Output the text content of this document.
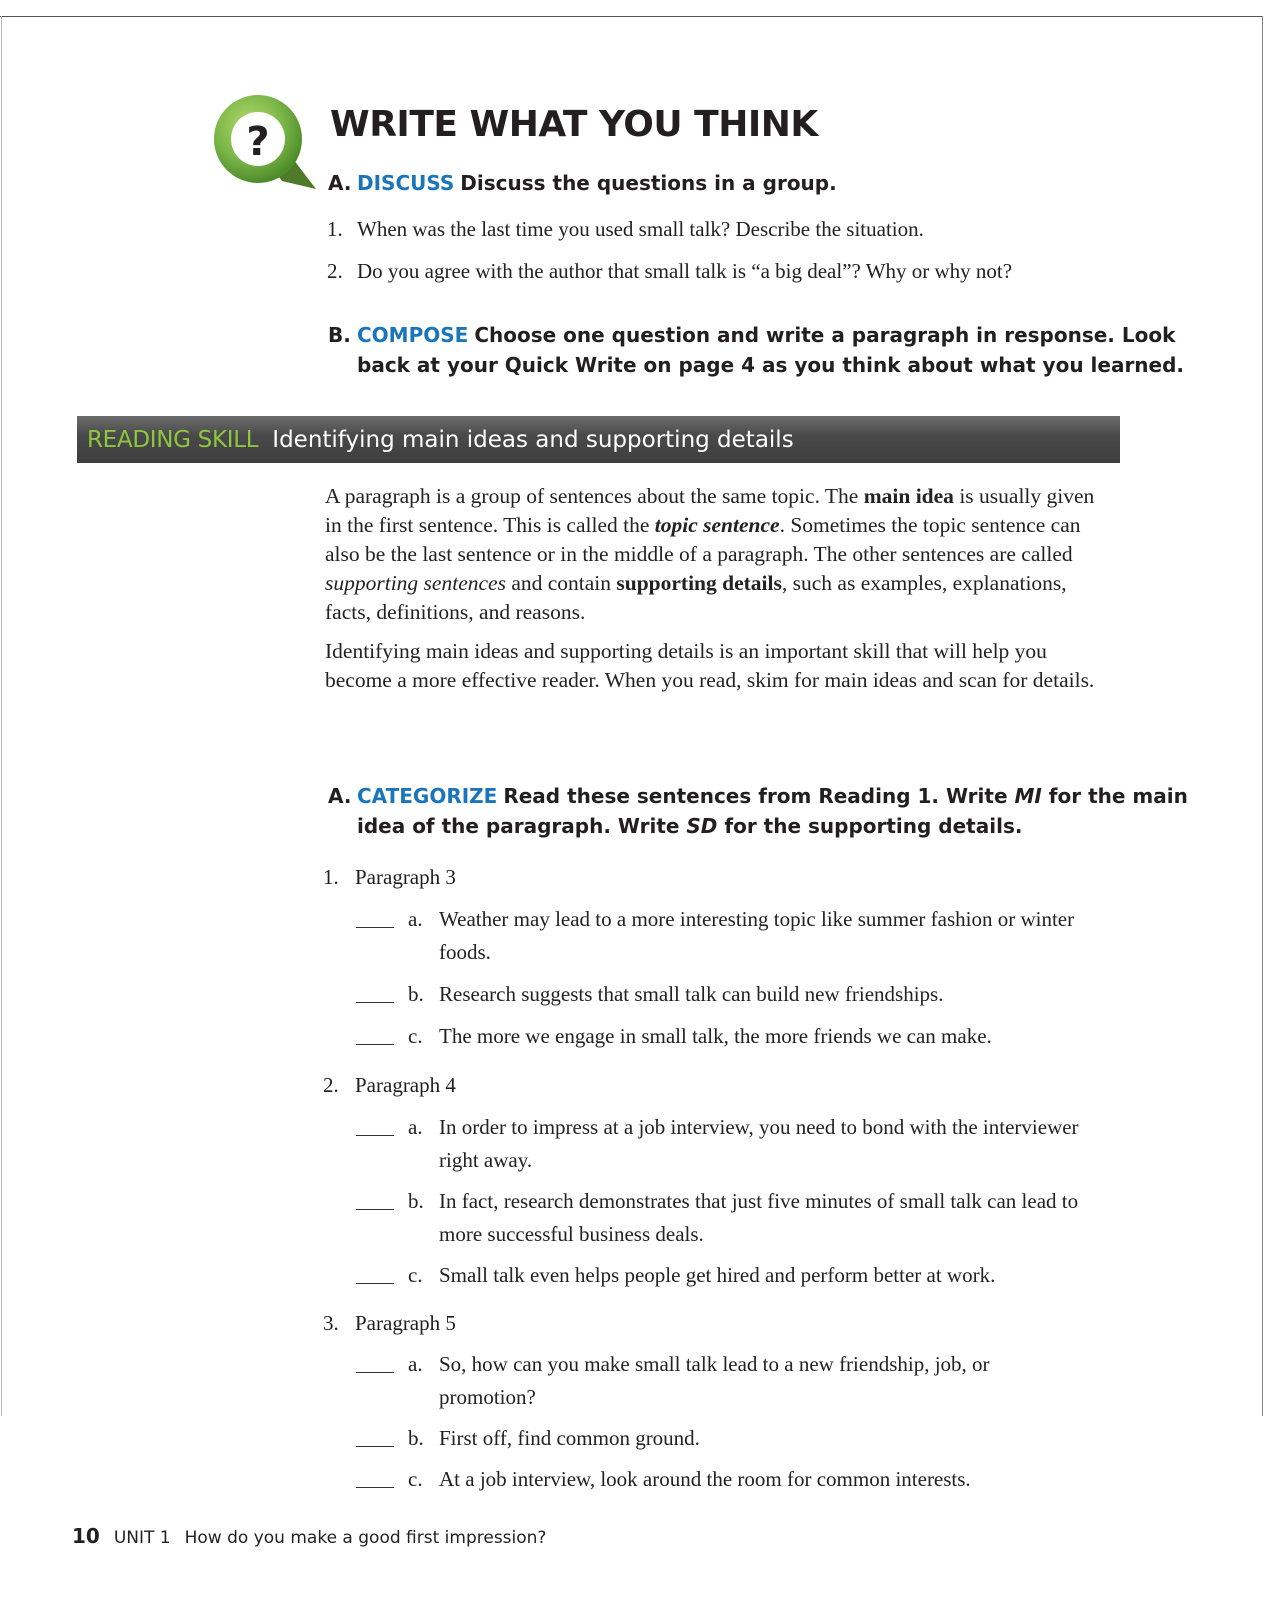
? WRITE WHAT YOU THINK
A. DISCUSS Discuss the questions in a group.
1. When was the last time you used small talk? Describe the situation.
2. Do you agree with the author that small talk is “a big deal”? Why or why not?
B. COMPOSE Choose one question and write a paragraph in response. Look
back at your Quick Write on page 4 as you think about what you learned.
READING SKILL Identifying main ideas and supporting details

A paragraph is a group of sentences about the same topic. The main idea is usually given in the first sentence. This is called the topic sentence. Sometimes the topic sentence can also be the last sentence or in the middle of a paragraph. The other sentences are called supporting sentences and contain supporting details, such as examples, explanations, facts, definitions, and reasons.

Identifying main ideas and supporting details is an important skill that will help you become a more effective reader. When you read, skim for main ideas and scan for details.

A. CATEGORIZE Read these sentences from Reading 1. Write MI for the main
idea of the paragraph. Write SD for the supporting details.
1. Paragraph 3
a. Weather may lead to a more interesting topic like summer fashion or winter foods.
b. Research suggests that small talk can build new friendships.
c. The more we engage in small talk, the more friends we can make.
2. Paragraph 4
a. In order to impress at a job interview, you need to bond with the interviewer right away.
b. In fact, research demonstrates that just five minutes of small talk can lead to more successful business deals.
c. Small talk even helps people get hired and perform better at work.
3. Paragraph 5
a. So, how can you make small talk lead to a new friendship, job, or promotion?
b. First off, find common ground.
c. At a job interview, look around the room for common interests.
10 UNIT 1 How do you make a good first impression?
